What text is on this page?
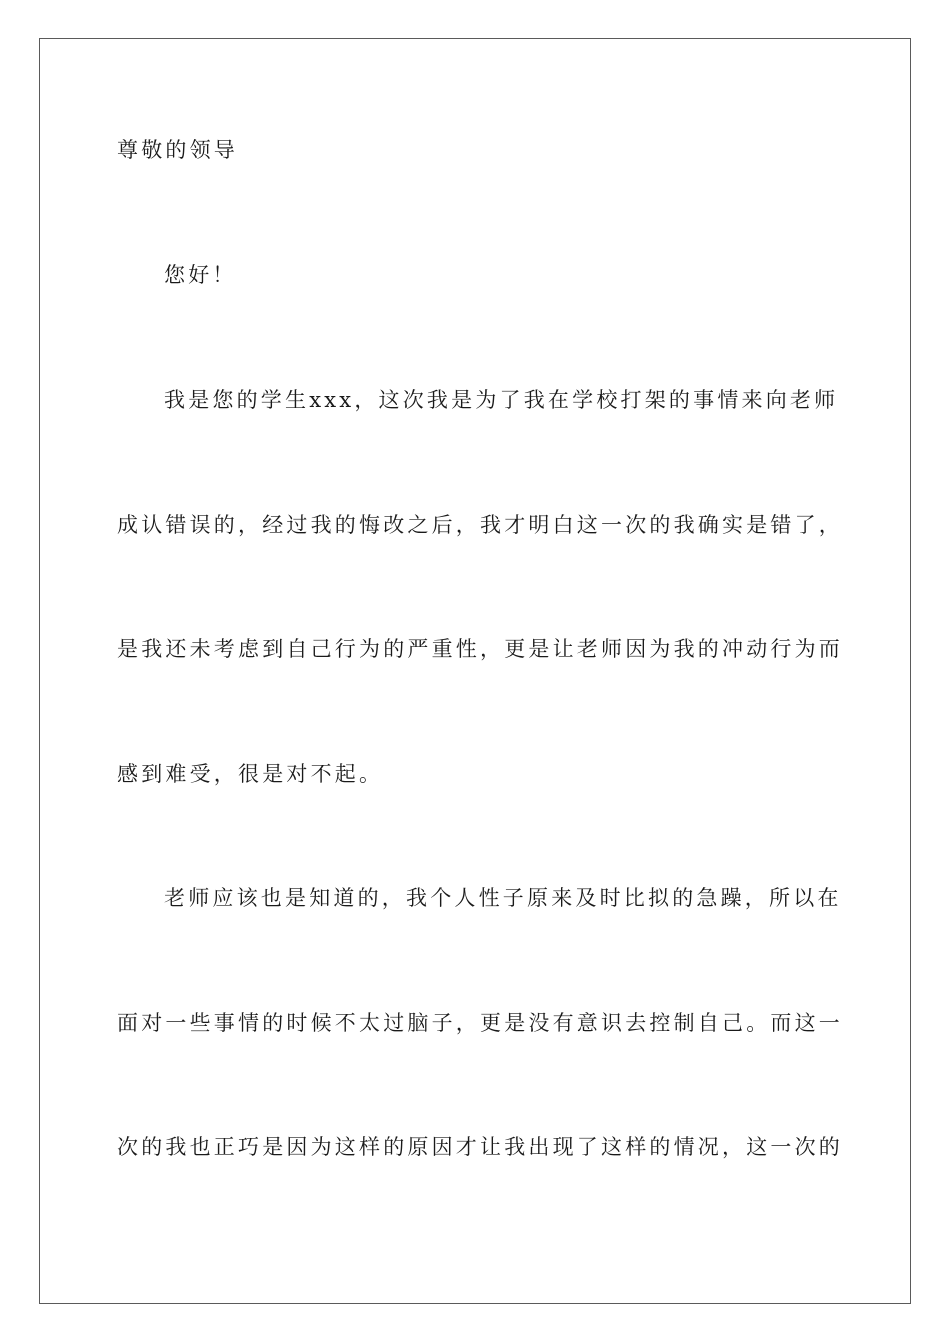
尊敬的领导
您好！
我是您的学生xxx，这次我是为了我在学校打架的事情来向老师
成认错误的，经过我的悔改之后，我才明白这一次的我确实是错了，
是我还未考虑到自己行为的严重性，更是让老师因为我的冲动行为而
感到难受，很是对不起。
老师应该也是知道的，我个人性子原来及时比拟的急躁，所以在
面对一些事情的时候不太过脑子，更是没有意识去控制自己。而这一
次的我也正巧是因为这样的原因才让我出现了这样的情况，这一次的
